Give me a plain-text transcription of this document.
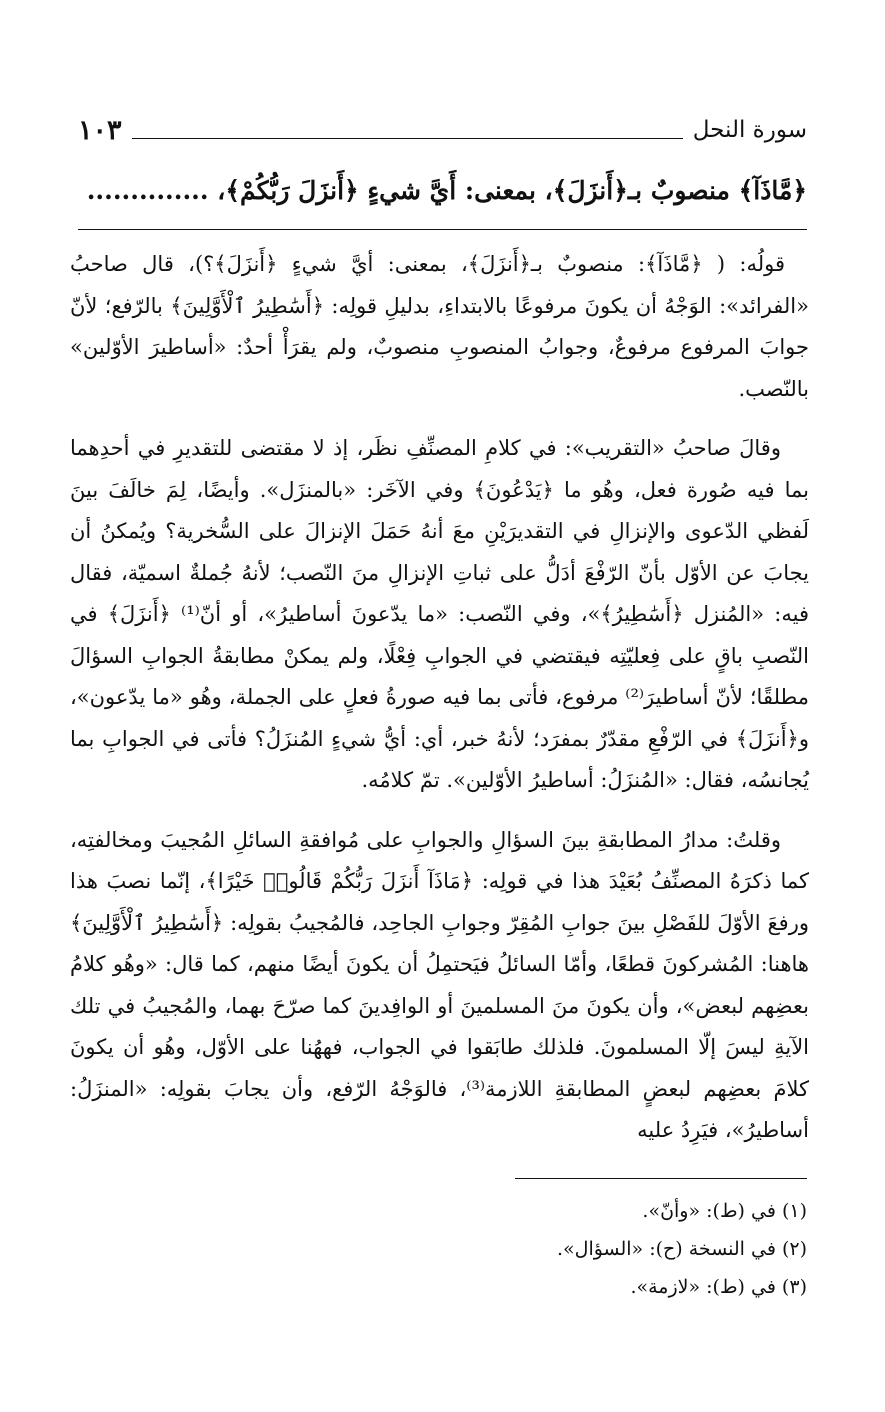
سورة النحل
١٠٣
﴿مَّاذَآ﴾ منصوبٌ بـ﴿أَنزَلَ﴾، بمعنى: أَيَّ شيءٍ ﴿أَنزَلَ رَبُّكُمْ﴾، ..............

قولُه: ( ﴿مَّاذَآ﴾: منصوبٌ بـ﴿أَنزَلَ﴾، بمعنى: أيَّ شيءٍ ﴿أَنزَلَ﴾؟)، قال صاحبُ «الفرائد»: الوَجْهُ أن يكونَ مرفوعًا بالابتداءِ، بدليلِ قولِه: ﴿أَسَٰطِيرُ ٱلْأَوَّلِينَ﴾ بالرّفع؛ لأنّ جوابَ المرفوع مرفوعٌ، وجوابُ المنصوبِ منصوبٌ، ولم يقرَأْ أحدٌ: «أساطيرَ الأوّلين» بالنّصب.

وقالَ صاحبُ «التقريب»: في كلامِ المصنِّفِ نظَر، إذ لا مقتضى للتقديرِ في أحدِهما بما فيه صُورة فعل، وهُو ما ﴿يَدْعُونَ﴾ وفي الآخَر: «بالمنزَل». وأيضًا، لِمَ خالَفَ بينَ لَفظي الدّعوى والإنزالِ في التقديرَيْنِ معَ أنهُ حَمَلَ الإنزالَ على السُّخرية؟ ويُمكنُ أن يجابَ عن الأوّل بأنّ الرّفْعَ أدَلُّ على ثباتِ الإنزالِ منَ النّصب؛ لأنهُ جُملةٌ اسميّة، فقال فيه: «المُنزل ﴿أَسَٰطِيرُ﴾»، وفي النّصب: «ما يدّعونَ أساطيرُ»، أو أنّ⁽¹⁾ ﴿أَنزَلَ﴾ في النّصبِ باقٍ على فِعليّتِه فيقتضي في الجوابِ فِعْلًا، ولم يمكنْ مطابقةُ الجوابِ السؤالَ مطلقًا؛ لأنّ أساطيرَ⁽²⁾ مرفوع، فأتى بما فيه صورةُ فعلٍ على الجملة، وهُو «ما يدّعون»، و﴿أَنزَلَ﴾ في الرّفْعِ مقدّرٌ بمفرَد؛ لأنهُ خبر، أي: أيُّ شيءٍ المُنزَلُ؟ فأتى في الجوابِ بما يُجانسُه، فقال: «المُنزَلُ: أساطيرُ الأوّلين». تمّ كلامُه.

وقلتُ: مدارُ المطابقةِ بينَ السؤالِ والجوابِ على مُوافقةِ السائلِ المُجيبَ ومخالفتِه، كما ذكرَهُ المصنِّفُ بُعَيْدَ هذا في قولِه: ﴿مَاذَآ أَنزَلَ رَبُّكُمْ قَالُوا۟ خَيْرًا﴾، إنّما نصبَ هذا ورفعَ الأوّلَ للفَصْلِ بينَ جوابِ المُقِرّ وجوابِ الجاحِد، فالمُجيبُ بقولِه: ﴿أَسَٰطِيرُ ٱلْأَوَّلِينَ﴾ هاهنا: المُشركونَ قطعًا، وأمّا السائلُ فيَحتمِلُ أن يكونَ أيضًا منهم، كما قال: «وهُو كلامُ بعضِهم لبعض»، وأن يكونَ منَ المسلمينَ أو الوافِدينَ كما صرّحَ بهما، والمُجيبُ في تلك الآيةِ ليسَ إلّا المسلمونَ. فلذلك طابَقوا في الجواب، فههُنا على الأوّل، وهُو أن يكونَ كلامَ بعضِهم لبعضٍ المطابقةِ اللازمة⁽³⁾، فالوَجْهُ الرّفع، وأن يجابَ بقولِه: «المنزَلُ: أساطيرُ»، فيَرِدُ عليه

(١) في (ط): «وأنّ».
(٢) في النسخة (ح): «السؤال».
(٣) في (ط): «لازمة».
